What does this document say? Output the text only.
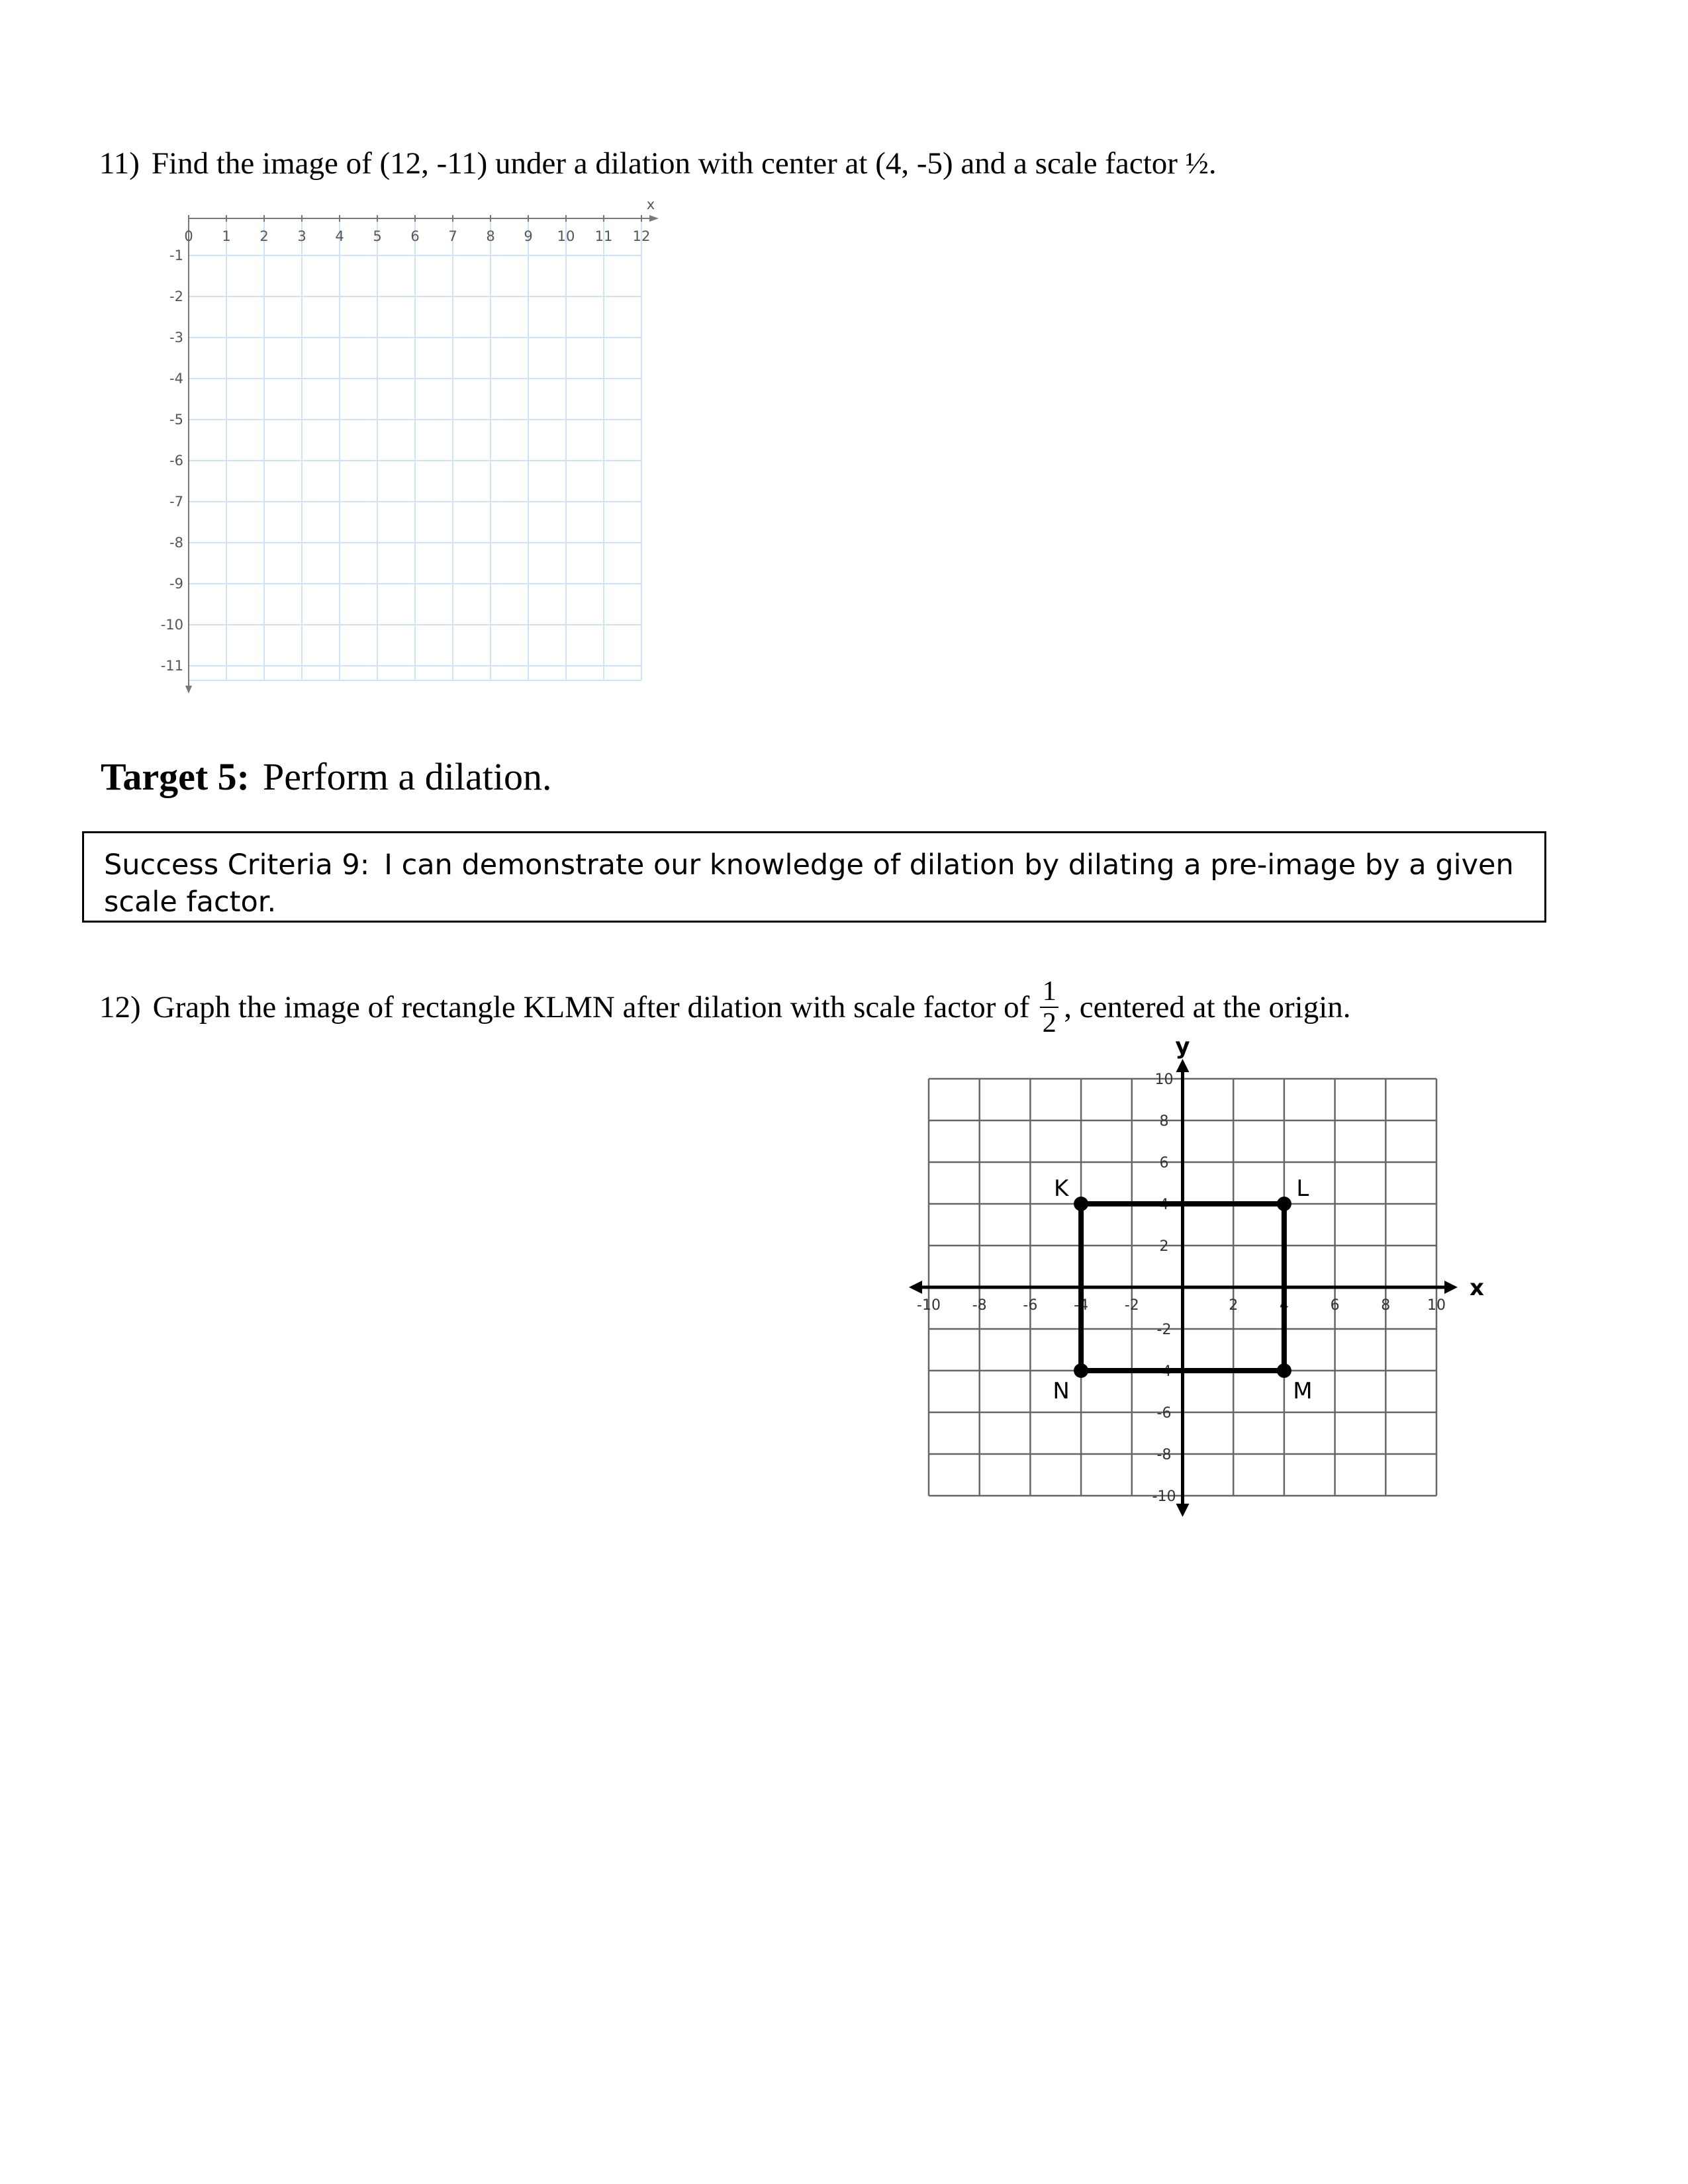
11) Find the image of (12, -11) under a dilation with center at (4, -5) and a scale factor ½.
0 1 2 3 4 5 6 7 8 9 10 11 12
x
-1
-2
-3
-4
-5
-6
-7
-8
-9
-10
-11
Target 5: Perform a dilation.
Success Criteria 9: I can demonstrate our knowledge of dilation by dilating a pre-image by a given scale factor.
12) Graph the image of rectangle KLMN after dilation with scale factor of $\frac{1}{2}$ , centered at the origin.
x
y
-10 -8 -6 -4 -2	2	4	6	8	10
10
8
6
4
2
-2
-4
-6
-8
-10
K	L
M
N
